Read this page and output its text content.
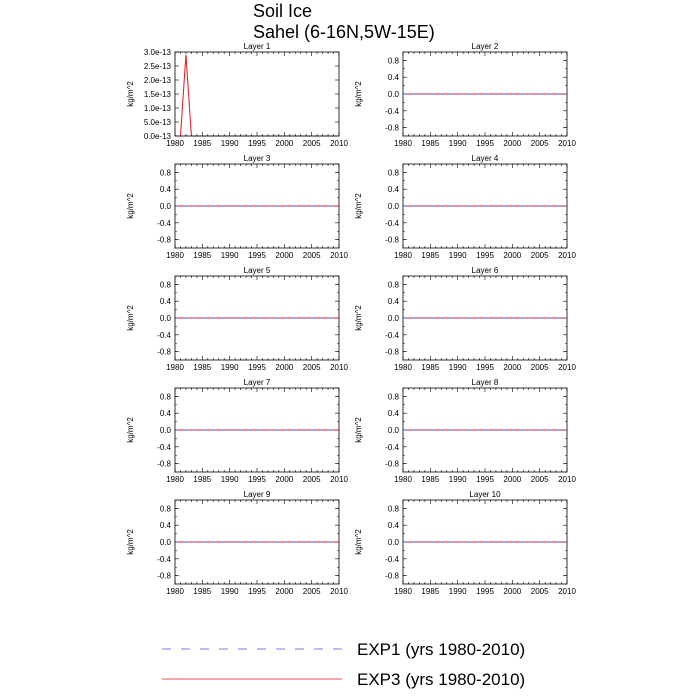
Soil Ice
Sahel (6-16N,5W-15E)
Layer 1
kg/m^2
1980 1985 1990 1995 2000 2005 2010
0.0e-13
5.0e-13
1.0e-13
1.5e-13
2.0e-13
2.5e-13
3.0e-13
Layer 2
kg/m^2
1980 1985 1990 1995 2000 2005 2010
-0.8
-0.4
0.0
0.4
0.8
Layer 3
kg/m^2
1980 1985 1990 1995 2000 2005 2010
-0.8
-0.4
0.0
0.4
0.8
Layer 4
kg/m^2
1980 1985 1990 1995 2000 2005 2010
-0.8
-0.4
0.0
0.4
0.8
Layer 5
kg/m^2
1980 1985 1990 1995 2000 2005 2010
-0.8
-0.4
0.0
0.4
0.8
Layer 6
kg/m^2
1980 1985 1990 1995 2000 2005 2010
-0.8
-0.4
0.0
0.4
0.8
Layer 7
kg/m^2
1980 1985 1990 1995 2000 2005 2010
-0.8
-0.4
0.0
0.4
0.8
Layer 8
kg/m^2
1980 1985 1990 1995 2000 2005 2010
-0.8
-0.4
0.0
0.4
0.8
Layer 9
kg/m^2
1980 1985 1990 1995 2000 2005 2010
-0.8
-0.4
0.0
0.4
0.8
Layer 10
kg/m^2
1980 1985 1990 1995 2000 2005 2010
-0.8
-0.4
0.0
0.4
0.8
EXP1 (yrs 1980-2010)
EXP3 (yrs 1980-2010)
